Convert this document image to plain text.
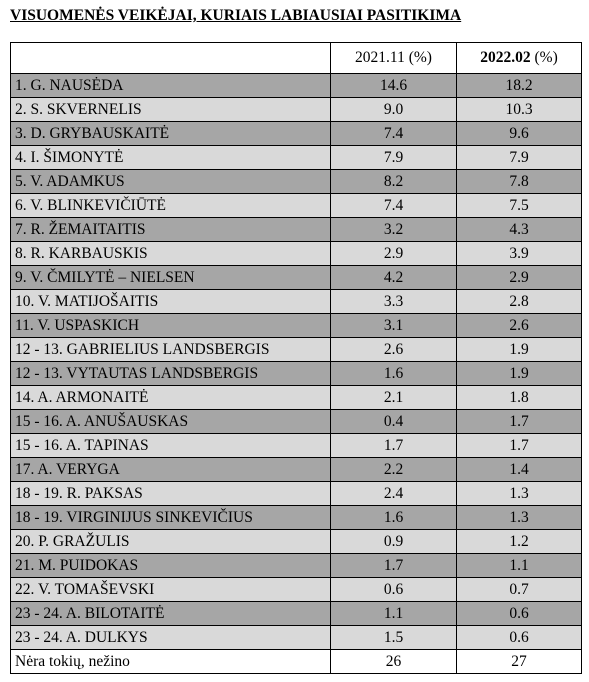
VISUOMENĖS VEIKĖJAI, KURIAIS LABIAUSIAI PASITIKIMA
	2021.11 (%)	2022.02 (%)
1. G. NAUSĖDA	14.6	18.2
2. S. SKVERNELIS	9.0	10.3
3. D. GRYBAUSKAITĖ	7.4	9.6
4. I. ŠIMONYTĖ	7.9	7.9
5. V. ADAMKUS	8.2	7.8
6. V. BLINKEVIČIŪTĖ	7.4	7.5
7. R. ŽEMAITAITIS	3.2	4.3
8. R. KARBAUSKIS	2.9	3.9
9. V. ČMILYTĖ – NIELSEN	4.2	2.9
10. V. MATIJOŠAITIS	3.3	2.8
11. V. USPASKICH	3.1	2.6
12 - 13. GABRIELIUS LANDSBERGIS	2.6	1.9
12 - 13. VYTAUTAS LANDSBERGIS	1.6	1.9
14. A. ARMONAITĖ	2.1	1.8
15 - 16. A. ANUŠAUSKAS	0.4	1.7
15 - 16. A. TAPINAS	1.7	1.7
17. A. VERYGA	2.2	1.4
18 - 19. R. PAKSAS	2.4	1.3
18 - 19. VIRGINIJUS SINKEVIČIUS	1.6	1.3
20. P. GRAŽULIS	0.9	1.2
21. M. PUIDOKAS	1.7	1.1
22. V. TOMAŠEVSKI	0.6	0.7
23 - 24. A. BILOTAITĖ	1.1	0.6
23 - 24. A. DULKYS	1.5	0.6
Nėra tokių, nežino	26	27
